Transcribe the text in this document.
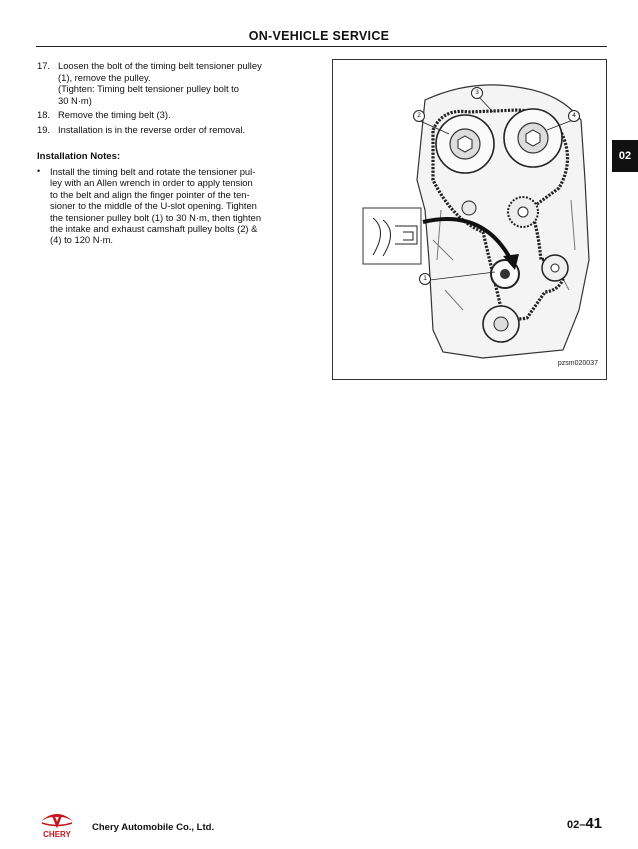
ON-VEHICLE SERVICE
17. Loosen the bolt of the timing belt tensioner pulley
(1), remove the pulley.
(Tighten: Timing belt tensioner pulley bolt to
30 N·m)
18. Remove the timing belt (3).
19. Installation is in the reverse order of removal.
Installation Notes:
•	Install the timing belt and rotate the tensioner pul-
ley with an Allen wrench in order to apply tension
to the belt and align the finger pointer of the ten-
sioner to the middle of the U-slot opening. Tighten
the tensioner pulley bolt (1) to 30 N·m, then tighten
the intake and exhaust camshaft pulley bolts (2) &
(4) to 120 N·m.
2
3
4
1
pzsm020037
02
CHERY
Chery Automobile Co., Ltd.	02–41
